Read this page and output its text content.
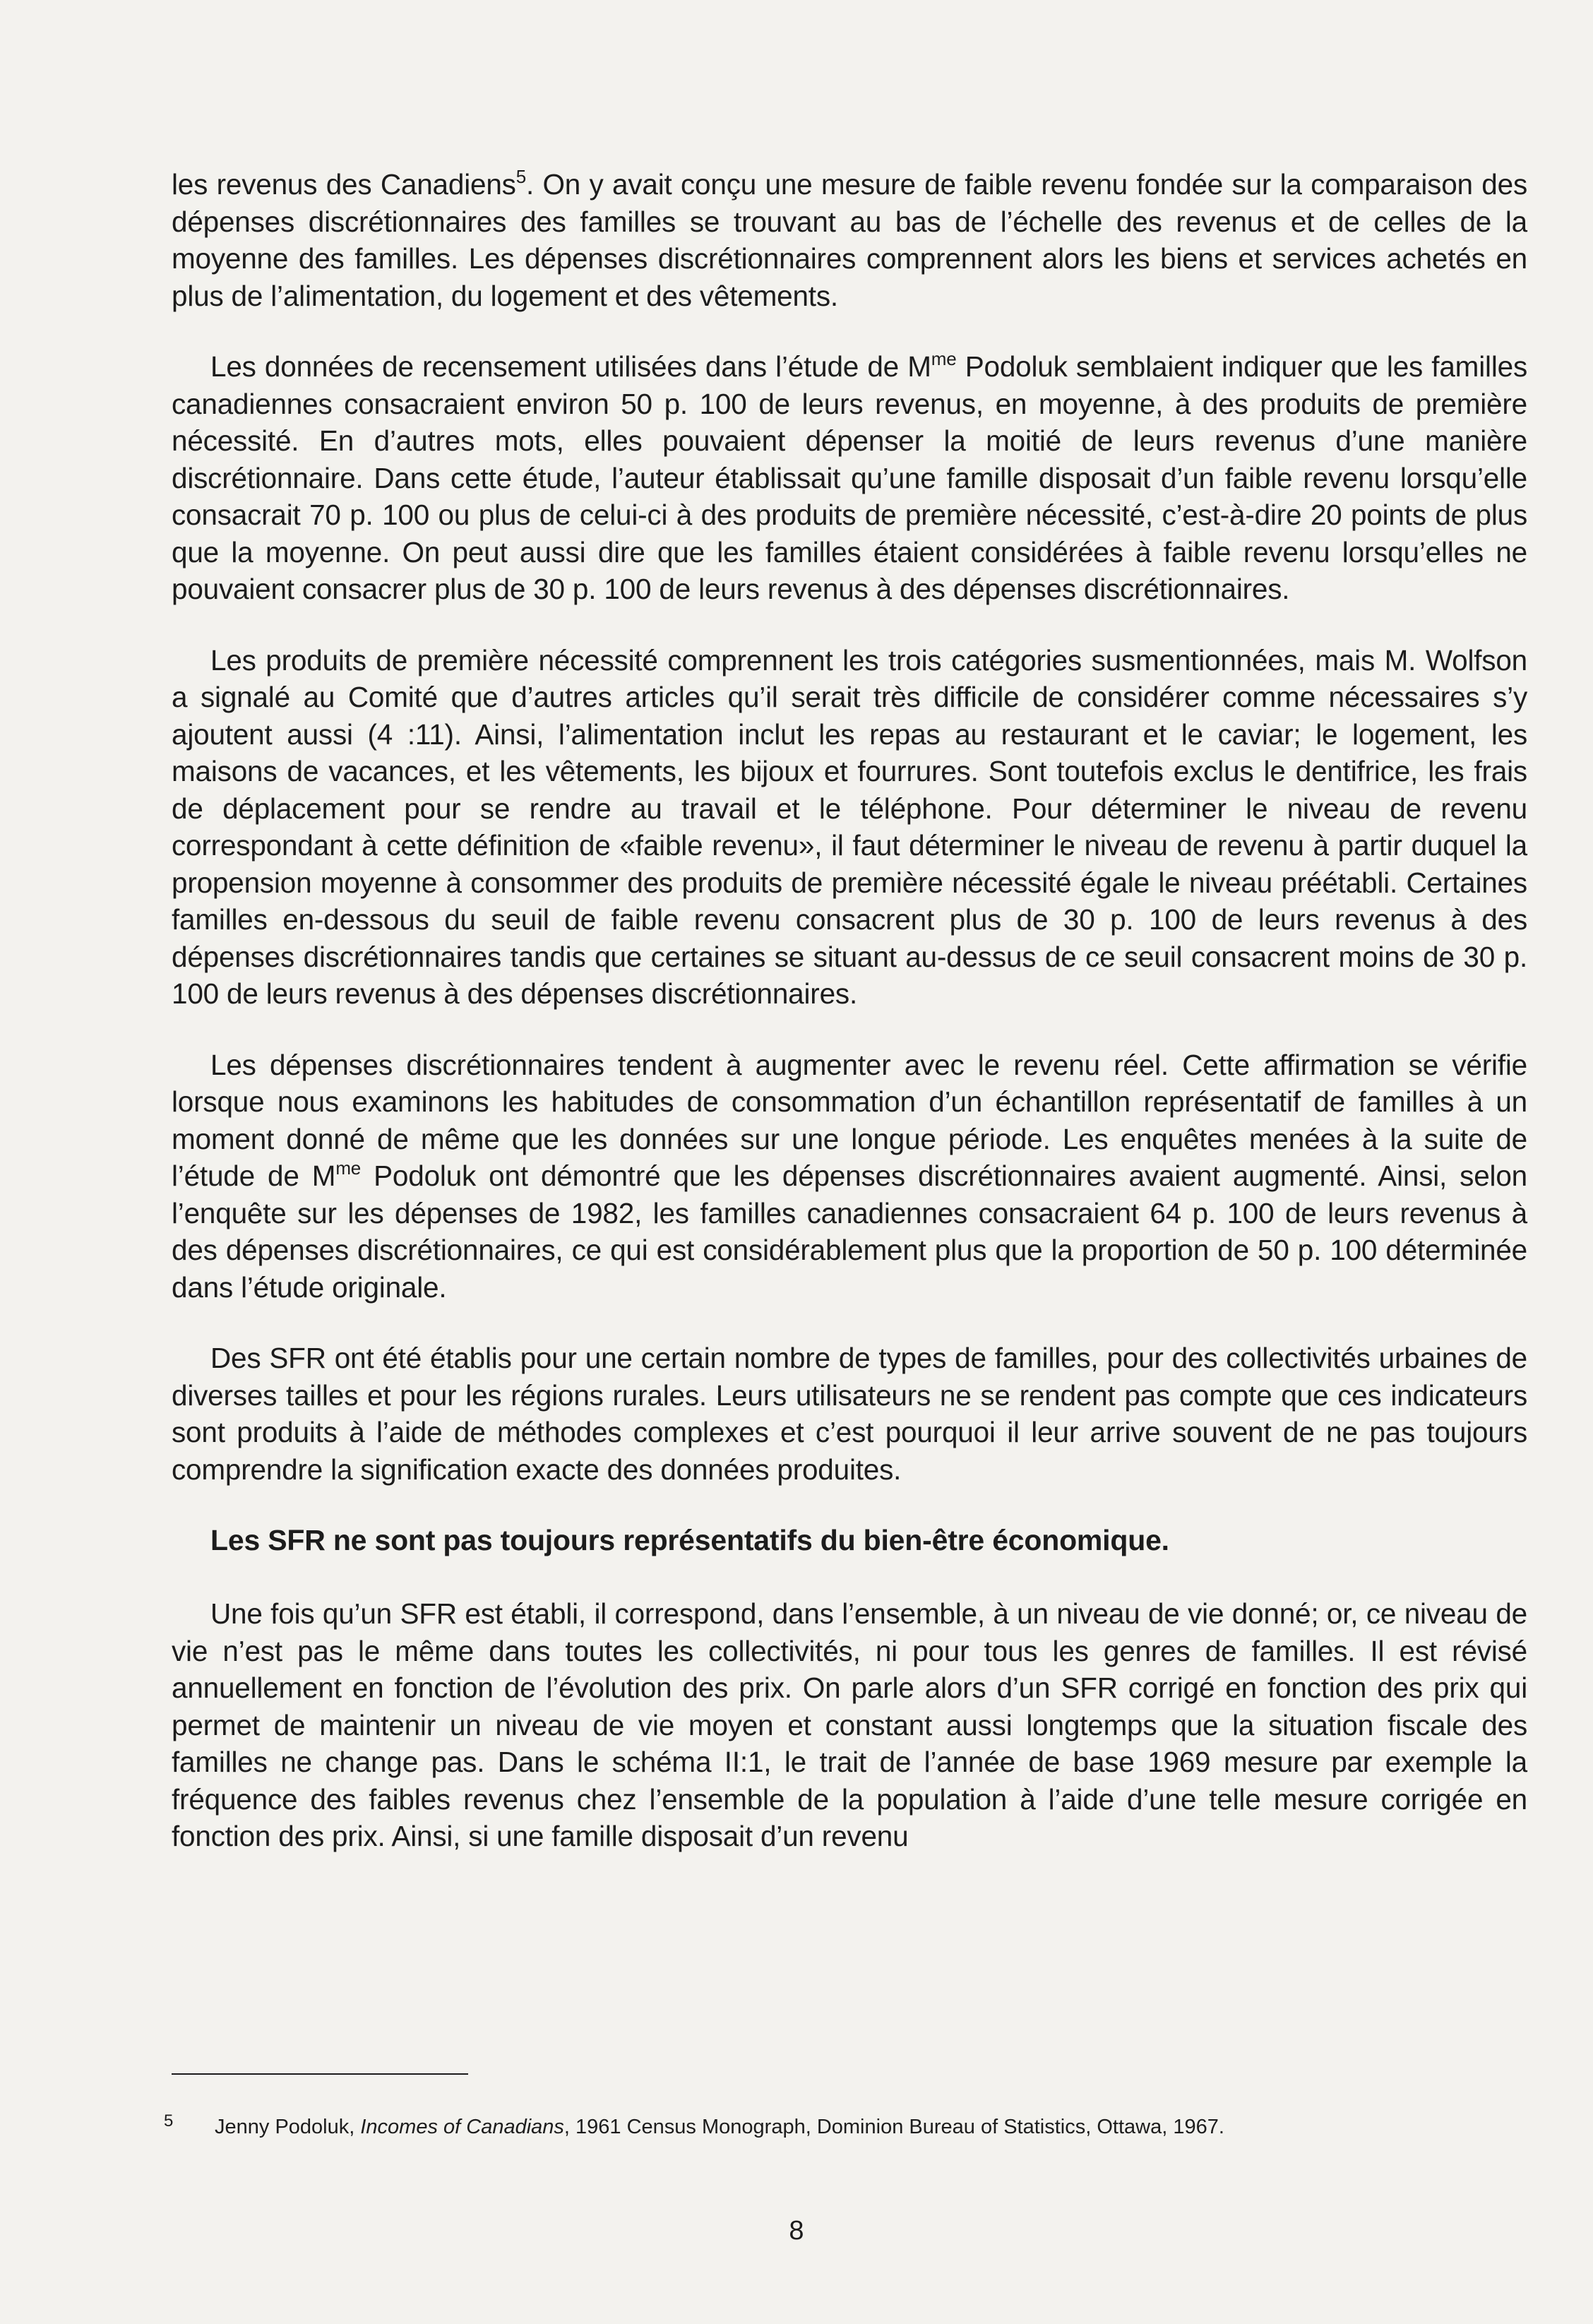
les revenus des Canadiens$^5$. On y avait conçu une mesure de faible revenu fondée sur la comparaison des dépenses discrétionnaires des familles se trouvant au bas de l’échelle des revenus et de celles de la moyenne des familles. Les dépenses discrétionnaires comprennent alors les biens et services achetés en plus de l’alimentation, du logement et des vêtements.

Les données de recensement utilisées dans l’étude de $M^{me}$ Podoluk semblaient indiquer que les familles canadiennes consacraient environ 50 p. 100 de leurs revenus, en moyenne, à des produits de première nécessité. En d’autres mots, elles pouvaient dépenser la moitié de leurs revenus d’une manière discrétionnaire. Dans cette étude, l’auteur établissait qu’une famille disposait d’un faible revenu lorsqu’elle consacrait 70 p. 100 ou plus de celui-ci à des produits de première nécessité, c’est-à-dire 20 points de plus que la moyenne. On peut aussi dire que les familles étaient considérées à faible revenu lorsqu’elles ne pouvaient consacrer plus de 30 p. 100 de leurs revenus à des dépenses discrétionnaires.

Les produits de première nécessité comprennent les trois catégories susmentionnées, mais M. Wolfson a signalé au Comité que d’autres articles qu’il serait très difficile de considérer comme nécessaires s’y ajoutent aussi (4 :11). Ainsi, l’alimentation inclut les repas au restaurant et le caviar; le logement, les maisons de vacances, et les vêtements, les bijoux et fourrures. Sont toutefois exclus le dentifrice, les frais de déplacement pour se rendre au travail et le téléphone. Pour déterminer le niveau de revenu correspondant à cette définition de «faible revenu», il faut déterminer le niveau de revenu à partir duquel la propension moyenne à consommer des produits de première nécessité égale le niveau préétabli. Certaines familles en-dessous du seuil de faible revenu consacrent plus de 30 p. 100 de leurs revenus à des dépenses discrétionnaires tandis que certaines se situant au-dessus de ce seuil consacrent moins de 30 p. 100 de leurs revenus à des dépenses discrétionnaires.

Les dépenses discrétionnaires tendent à augmenter avec le revenu réel. Cette affirmation se vérifie lorsque nous examinons les habitudes de consommation d’un échantillon représentatif de familles à un moment donné de même que les données sur une longue période. Les enquêtes menées à la suite de l’étude de $M^{me}$ Podoluk ont démontré que les dépenses discrétionnaires avaient augmenté. Ainsi, selon l’enquête sur les dépenses de 1982, les familles canadiennes consacraient 64 p. 100 de leurs revenus à des dépenses discrétionnaires, ce qui est considérablement plus que la proportion de 50 p. 100 déterminée dans l’étude originale.

Des SFR ont été établis pour une certain nombre de types de familles, pour des collectivités urbaines de diverses tailles et pour les régions rurales. Leurs utilisateurs ne se rendent pas compte que ces indicateurs sont produits à l’aide de méthodes complexes et c’est pourquoi il leur arrive souvent de ne pas toujours comprendre la signification exacte des données produites.

Les SFR ne sont pas toujours représentatifs du bien-être économique.

Une fois qu’un SFR est établi, il correspond, dans l’ensemble, à un niveau de vie donné; or, ce niveau de vie n’est pas le même dans toutes les collectivités, ni pour tous les genres de familles. Il est révisé annuellement en fonction de l’évolution des prix. On parle alors d’un SFR corrigé en fonction des prix qui permet de maintenir un niveau de vie moyen et constant aussi longtemps que la situation fiscale des familles ne change pas. Dans le schéma II:1, le trait de l’année de base 1969 mesure par exemple la fréquence des faibles revenus chez l’ensemble de la population à l’aide d’une telle mesure corrigée en fonction des prix. Ainsi, si une famille disposait d’un revenu

5 Jenny Podoluk, Incomes of Canadians, 1961 Census Monograph, Dominion Bureau of Statistics, Ottawa, 1967.
8
